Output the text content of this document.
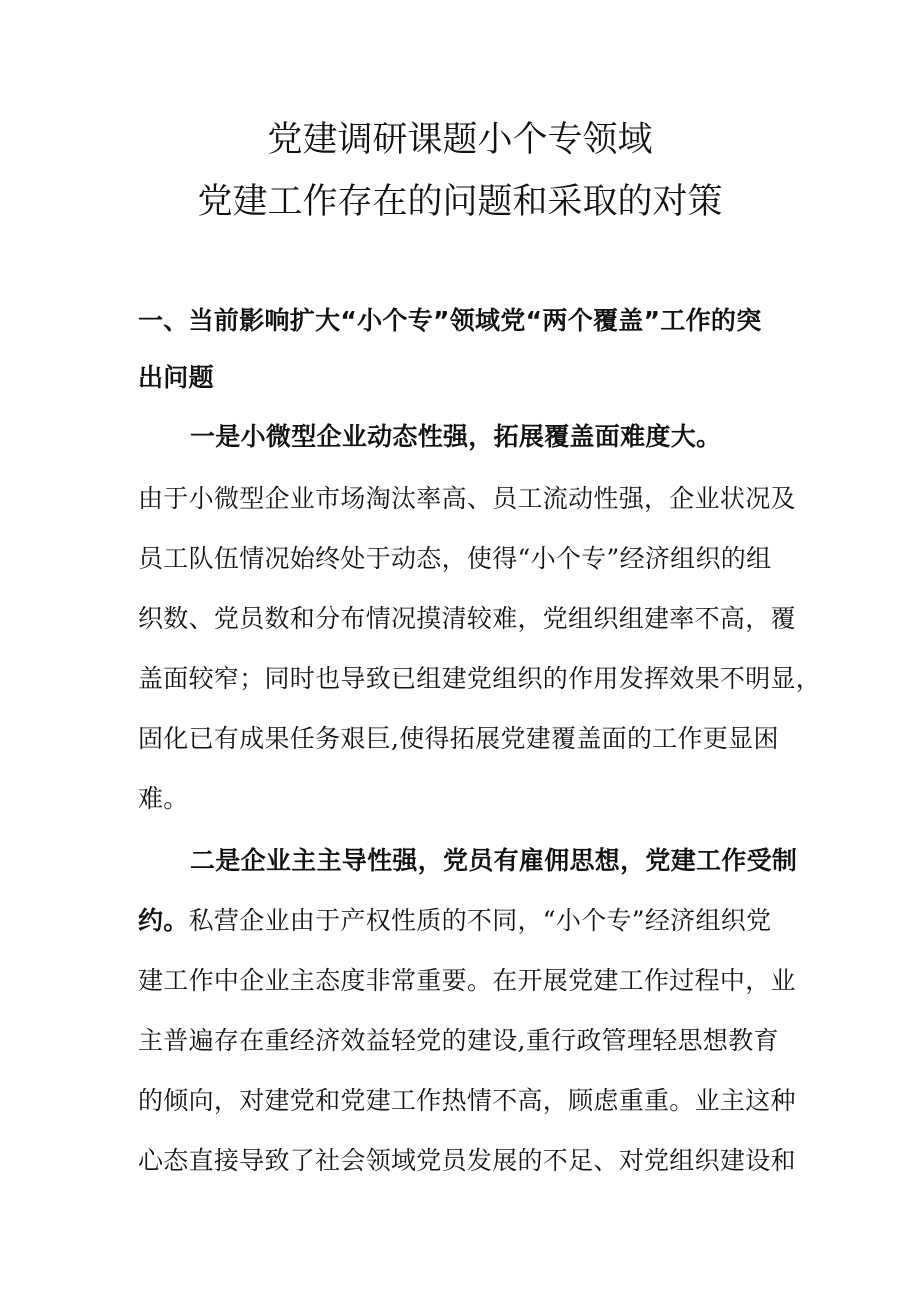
党建调研课题小个专领域
党建工作存在的问题和采取的对策
一、当前影响扩大“小个专”领域党“两个覆盖”工作的突
出问题
一是小微型企业动态性强，拓展覆盖面难度大。
由于小微型企业市场淘汰率高、员工流动性强，企业状况及
员工队伍情况始终处于动态，使得“小个专”经济组织的组
织数、党员数和分布情况摸清较难，党组织组建率不高，覆
盖面较窄；同时也导致已组建党组织的作用发挥效果不明显，
固化已有成果任务艰巨,使得拓展党建覆盖面的工作更显困
难。
二是企业主主导性强，党员有雇佣思想，党建工作受制
约。私营企业由于产权性质的不同，“小个专”经济组织党
建工作中企业主态度非常重要。在开展党建工作过程中，业
主普遍存在重经济效益轻党的建设,重行政管理轻思想教育
的倾向，对建党和党建工作热情不高，顾虑重重。业主这种
心态直接导致了社会领域党员发展的不足、对党组织建设和
